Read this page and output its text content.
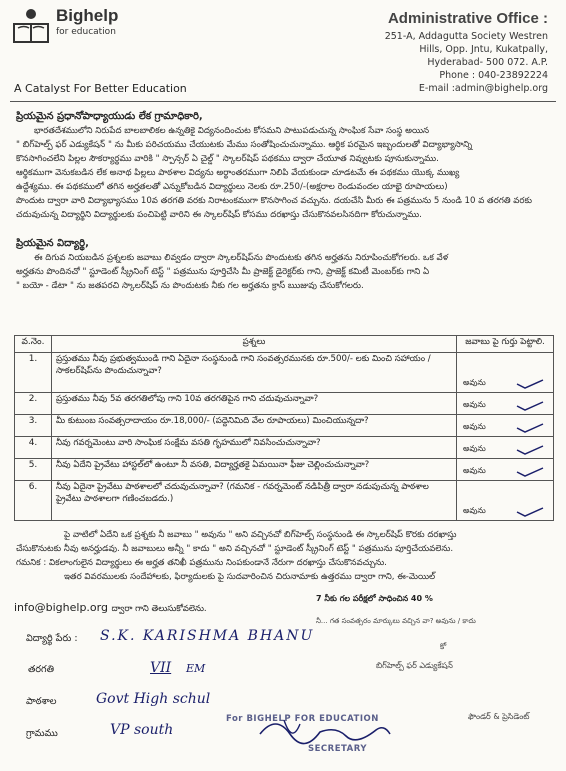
Bighelp
for education
A Catalyst For Better Education
Administrative Office :
251-A, Addagutta Society Westren
Hills, Opp. Jntu, Kukatpally,
Hyderabad- 500 072. A.P.
Phone : 040-23892224
E-mail :admin@bighelp.org
ప్రియమైన ప్రధానోపాధ్యాయుడు లేక గ్రామాధికారి,
భారతదేశములోని నిరుపేద బాలబాలికల ఉన్నతికై విద్యనందించుట కోసమని పాటుపడుచున్న సాంఘిక సేవా సంస్థ అయిన
" బిగ్‌హెల్ప్ ఫర్ ఎడ్యుకేషన్ " ను మీకు పరిచయము చేయుటకు మేము సంతోషించుచున్నాము. ఆర్థిక పరమైన ఇబ్బందులతో విద్యాభ్యాసాన్ని
కొనసాగించలేని పిల్లల సౌకర్యార్థము వారికి " స్పాన్సర్ ఏ చైల్డ్ " స్కాలర్‌షిప్ పథకము ద్వారా చేయూత నివ్వుటకు పూనుకున్నాము.
ఆర్థికముగా వెనుకబడిన లేక అనాథ పిల్లలు పాఠశాల విద్యను అర్థాంతరముగా నిలిపి వేయకుండా చూడటమే ఈ పథకము యొక్క ముఖ్య
ఉద్దేశ్యము. ఈ పథకములో తగిన అర్హతలతో ఎన్నుకోబడిన విద్యార్థులు నెలకు రూ.250/-(అక్షరాల రెండువందల యాభై రూపాయలు)
పొందుట ద్వారా వారి విద్యాభ్యాసము 10వ తరగతి వరకు నిరాటంకముగా కొనసాగించ వచ్చును. దయచేసి మీరు ఈ పత్రమును 5 నుండి 10 వ తరగతి వరకు
చదువుచున్న విద్యార్థిని విద్యార్థులకు పంచిపెట్టి వారిని ఈ స్కాలర్‌షిప్ కోసము దరఖాస్తు చేసుకొనవలసినదిగా కోరుచున్నాము.
ప్రియమైన విద్యార్థి,
ఈ దిగువ నియబడిన ప్రశ్నలకు జవాబు లివ్వడం ద్వారా స్కాలర్‌షిప్‌ను పొందుటకు తగిన అర్హతను నిరూపించుకోగలరు. ఒక వేళ
అర్హతను పొందినచో " స్టూడెంట్ స్క్రీనింగ్ టెస్ట్ " పత్రమును పూర్తిచేసి మీ ప్రాజెక్ట్ డైరెక్టర్‌కు గాని, ప్రాజెక్ట్ కమిటీ మెంబర్‌కు గాని ఏ
" బయో - డేటా " ను జతపరచి స్కాలర్‌షిప్ ను పొందుటకు నీకు గల అర్హతను క్రాస్ ఋజువు చేసుకోగలరు.
వ.నెం.	ప్రశ్నలు	జవాబు పై గుర్తు పెట్టాలి.
1.	ప్రస్తుతము నీవు ప్రభుత్వముండి గాని ఏదైనా సంస్థనుండి గాని సంవత్సరమునకు రూ.500/- లకు మించి సహాయం / సాకలర్‌షిప్‌ను పొందుచున్నావా?	అవును

2.	ప్రస్తుతము నీవు 5వ తరగతిలోపు గాని 10వ తరగతిపైన గాని చదువుచున్నావా?	అవును

3.	మీ కుటుంబ సంవత్సరాదాయం రూ.18,000/- (పద్దెనిమిది వేల రూపాయలు) మించియున్నదా?	అవును

4.	నీవు గవర్నమెంటు వారి సాంఘిక సంక్షేమ వసతి గృహములో నివసించుచున్నావా?	అవును

5.	నీవు ఏదేని ప్రైవేటు హాస్టల్‌లో ఉంటూ నీ వసతి, విద్యార్హతకై ఏమయినా ఫీజు చెల్లించుచున్నావా?	అవును

6.	నీవు ఏదైనా ప్రైవేటు పాఠశాలలో చదువుచున్నావా? (గమనిక - గవర్నమెంట్ నడిపిత్రీ ద్వారా నడుపుచున్న పాఠశాల ప్రైవేటు పాఠశాలగా గణించబడదు.)	అవును
పై వాటిలో ఏదేని ఒక ప్రశ్నకు నీ జవాబు " అవును " అని వచ్చినచో బిగ్‌హెల్ప్ సంస్థనుండి ఈ స్కాలర్‌షిప్ కొరకు దరఖాస్తు
చేసుకొనుటకు నీవు అనర్హుడవు. నీ జవాబులు అన్నీ " కాదు " అని వచ్చినచో " స్టూడెంట్ స్క్రీనింగ్ టెస్ట్ " పత్రమును పూర్తిచేయవలెను.
గమనిక : వికలాంగులైన విద్యార్థులు ఈ అర్హత తనిఖీ పత్రమును నింపకుండానే నేరుగా దరఖాస్తు చేసుకొనవచ్చును.
ఇతర వివరములకు సందేహాలకు, ఫిర్యాదులకు పై సుదవారించిన చిరునామాకు ఉత్తరము ద్వారా గాని, ఈ-మెయిల్
info@bighelp.org ద్వారా గాని తెలుసుకోవలెను.
7 నీకు గల పరీక్షలో సాధించిన 40 %
నీ... గత సంవత్సరం మార్కులు వచ్చిన వా? అవును / కాదు
విద్యార్థి పేరు : S.K. KARISHMA BHANU
తరగతి	VII EM
పాఠశాల	Govt High schul
గ్రామము	VP south
కో
బిగ్‌హెల్ప్ ఫర్ ఎడ్యుకేషన్
ఫౌండర్ & ప్రెసిడెంట్
For BIGHELP FOR EDUCATION
SECRETARY
